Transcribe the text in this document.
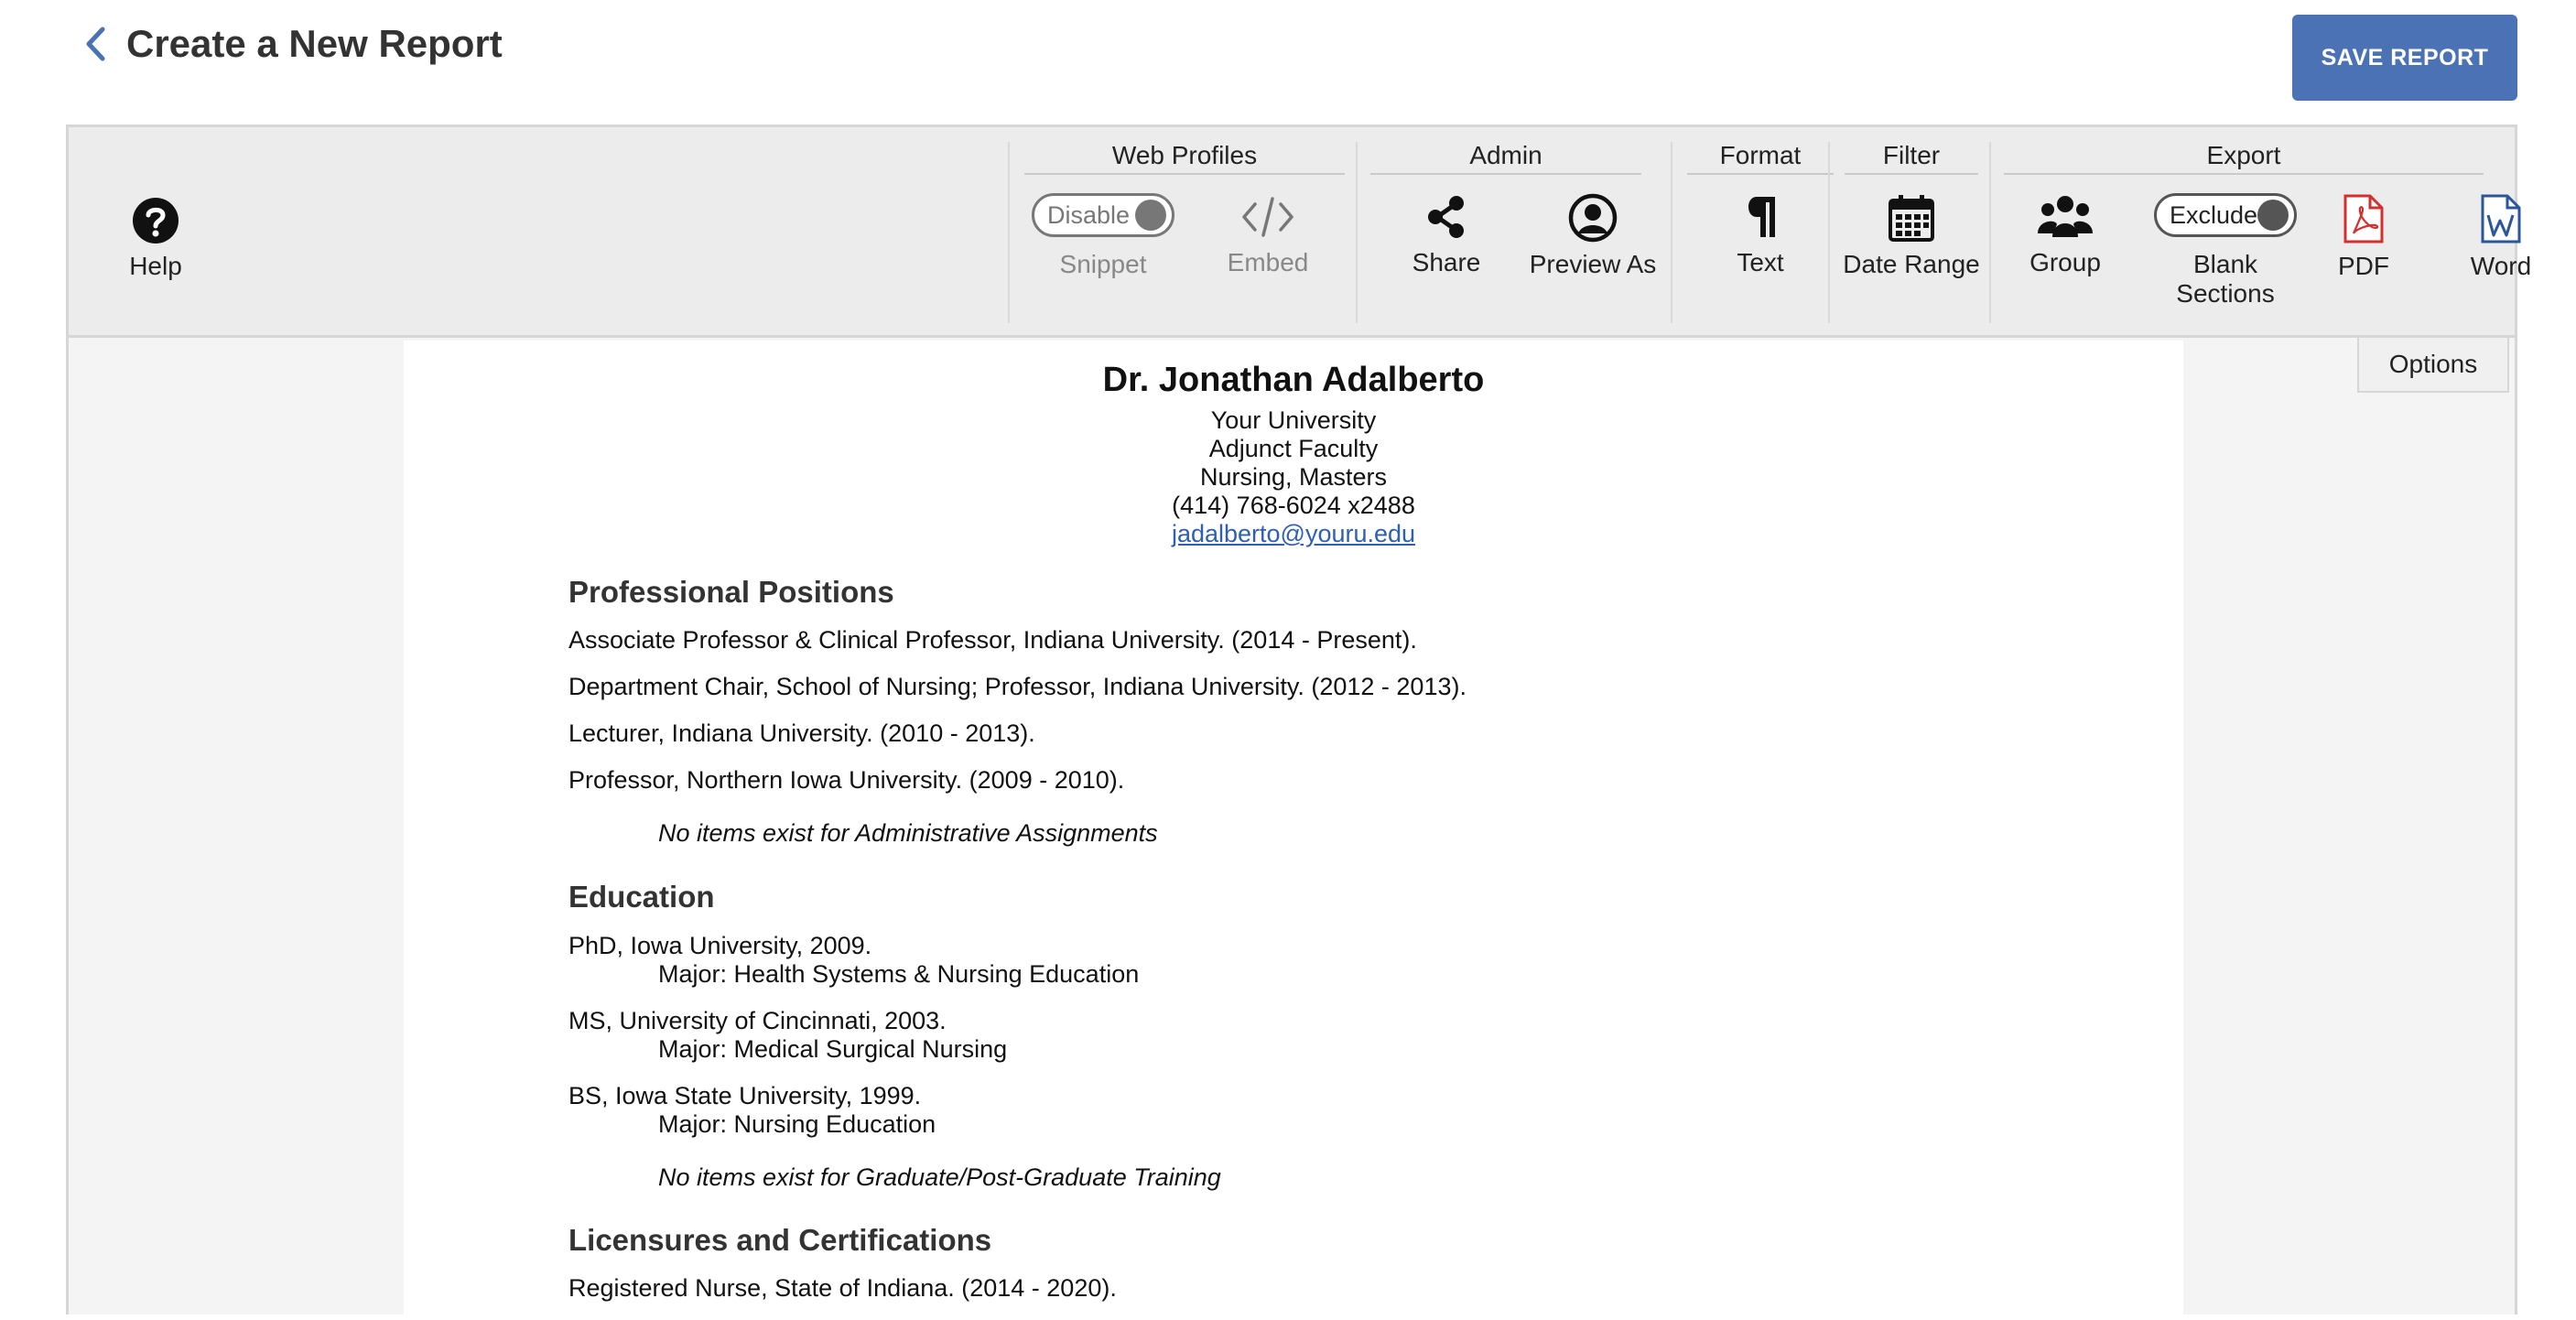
Create a New Report	SAVE REPORT
Help
Web Profiles
Disable
Snippet	Embed
Admin
Share Preview As
Format
Text
Filter
Date Range
Export
Group
Exclude
Blank
Sections
PDF	Word
Options
Dr. Jonathan Adalberto
Your University
Adjunct Faculty
Nursing, Masters
(414) 768-6024 x2488
jadalberto@youru.edu
Professional Positions
Associate Professor & Clinical Professor, Indiana University. (2014 - Present).
Department Chair, School of Nursing; Professor, Indiana University. (2012 - 2013).
Lecturer, Indiana University. (2010 - 2013).
Professor, Northern Iowa University. (2009 - 2010).
No items exist for Administrative Assignments
Education
PhD, Iowa University, 2009.
Major: Health Systems & Nursing Education
MS, University of Cincinnati, 2003.
Major: Medical Surgical Nursing
BS, Iowa State University, 1999.
Major: Nursing Education
No items exist for Graduate/Post-Graduate Training
Licensures and Certifications
Registered Nurse, State of Indiana. (2014 - 2020).
